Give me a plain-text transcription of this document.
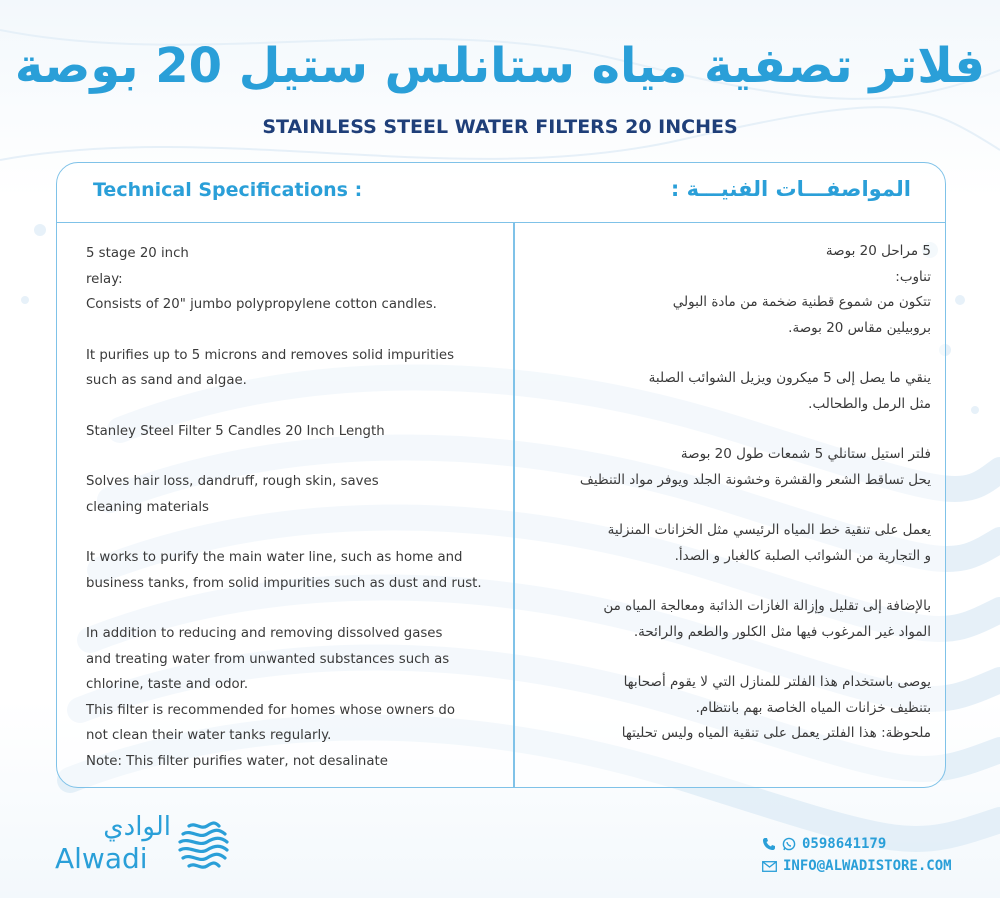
فلاتر تصفية مياه ستانلس ستيل 20 بوصة
STAINLESS STEEL WATER FILTERS 20 INCHES
Technical Specifications :	المواصفـــات الفنيـــة :
5 stage 20 inch
relay:
Consists of 20" jumbo polypropylene cotton candles.
It purifies up to 5 microns and removes solid impurities
such as sand and algae.
Stanley Steel Filter 5 Candles 20 Inch Length
Solves hair loss, dandruff, rough skin, saves
cleaning materials
It works to purify the main water line, such as home and
business tanks, from solid impurities such as dust and rust.
In addition to reducing and removing dissolved gases
and treating water from unwanted substances such as
chlorine, taste and odor.
This filter is recommended for homes whose owners do
not clean their water tanks regularly.
Note: This filter purifies water, not desalinate
5 مراحل 20 بوصة
تناوب:
تتكون من شموع قطنية ضخمة من مادة البولي
بروبيلين مقاس 20 بوصة.
ينقي ما يصل إلى 5 ميكرون ويزيل الشوائب الصلبة
مثل الرمل والطحالب.
فلتر استيل ستانلي 5 شمعات طول 20 بوصة
يحل تساقط الشعر والقشرة وخشونة الجلد ويوفر مواد التنظيف
يعمل على تنقية خط المياه الرئيسي مثل الخزانات المنزلية
و التجارية من الشوائب الصلبة كالغبار و الصدأ.
بالإضافة إلى تقليل وإزالة الغازات الذائبة ومعالجة المياه من
المواد غير المرغوب فيها مثل الكلور والطعم والرائحة.
يوصى باستخدام هذا الفلتر للمنازل التي لا يقوم أصحابها
بتنظيف خزانات المياه الخاصة بهم بانتظام.
ملحوظة: هذا الفلتر يعمل على تنقية المياه وليس تحليتها
الوادي
Alwadi	0598641179
INFO@ALWADISTORE.COM
